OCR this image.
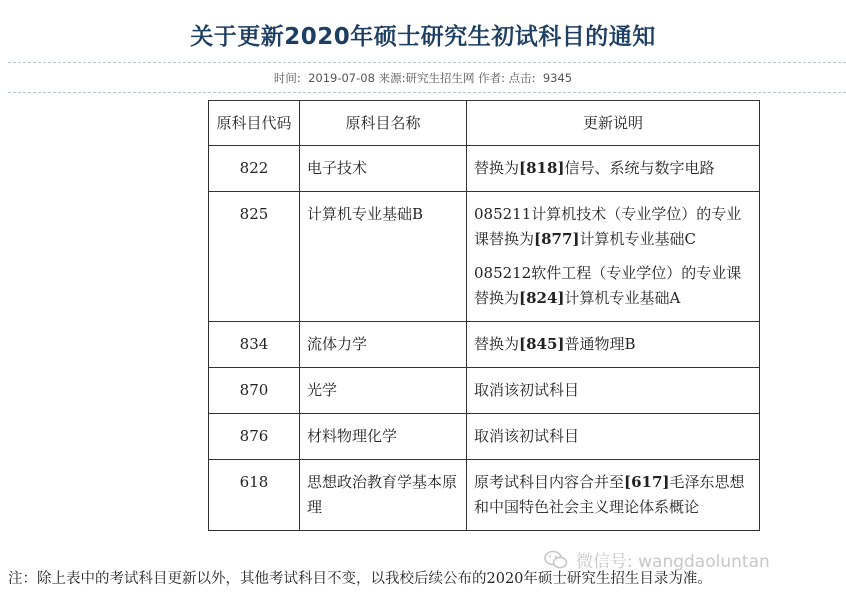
关于更新2020年硕士研究生初试科目的通知
时间: 2019-07-08 来源:研究生招生网 作者: 点击: 9345
原科目代码	原科目名称	更新说明
822	电子技术	替换为[818]信号、系统与数字电路

825	计算机专业基础B	085211计算机技术（专业学位）的专业课替换为[877]计算机专业基础C

085212软件工程（专业学位）的专业课替换为[824]计算机专业基础A

834	流体力学	替换为[845]普通物理B

870	光学	取消该初试科目

876	材料物理化学	取消该初试科目

618	思想政治教育学基本原理	原考试科目内容合并至[617]毛泽东思想和中国特色社会主义理论体系概论

注：除上表中的考试科目更新以外，其他考试科目不变，以我校后续公布的2020年硕士研究生招生目录为准。
微信号: wangdaoluntan
